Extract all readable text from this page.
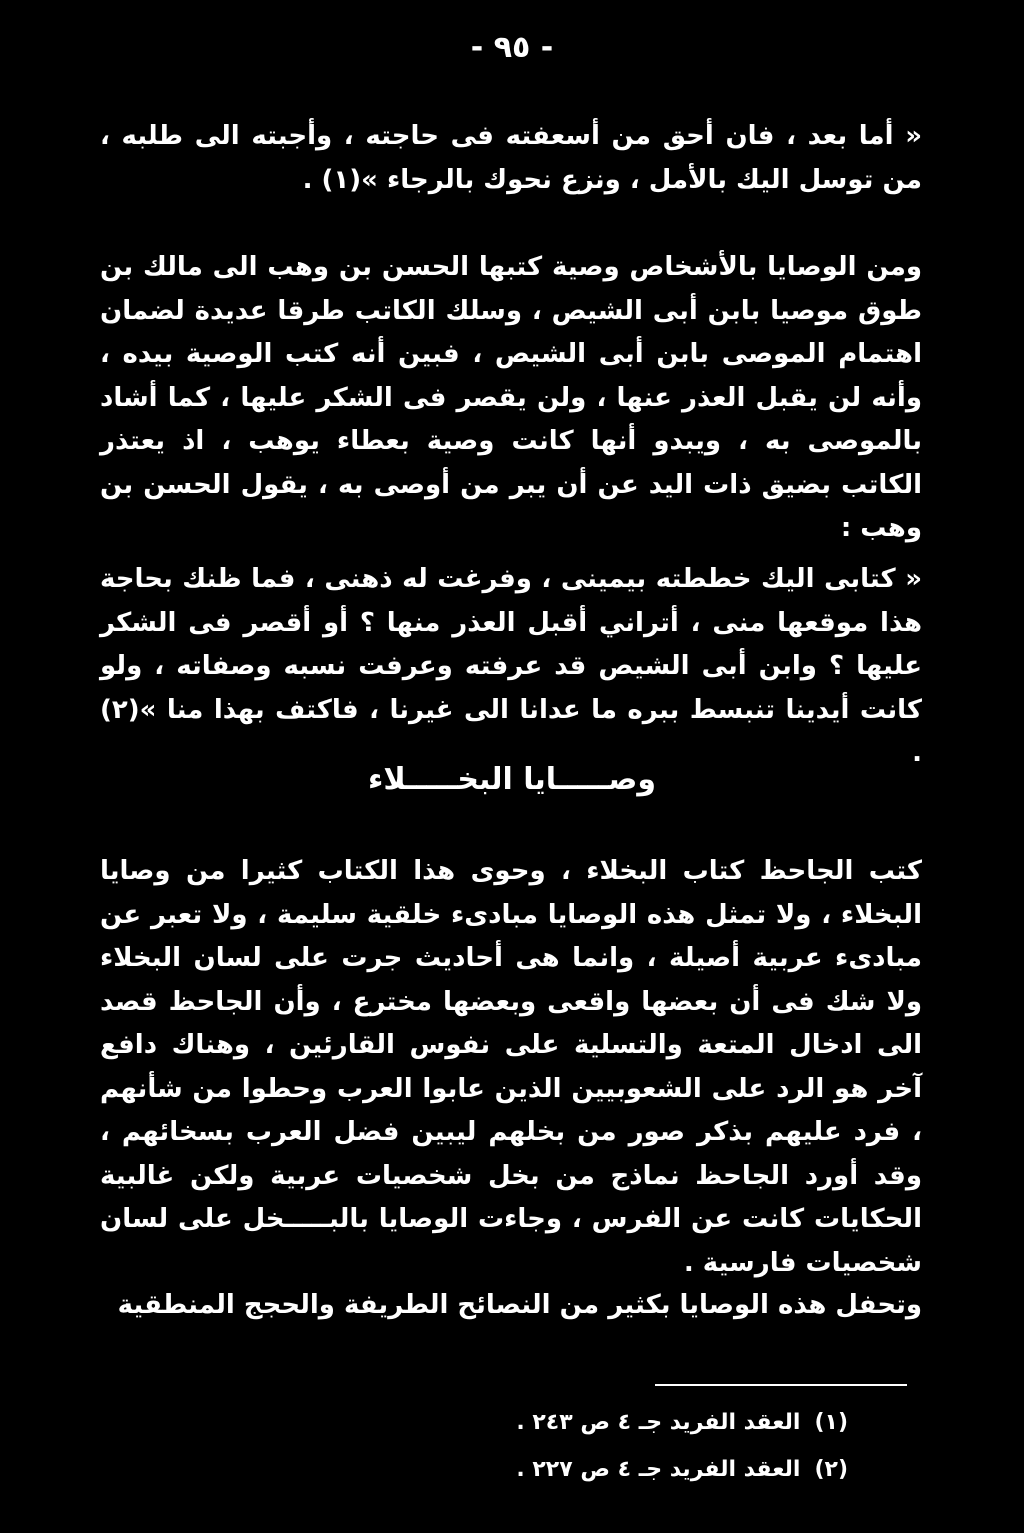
- ٩٥ -

« أما بعد ، فان أحق من أسعفته فى حاجته ، وأجبته الى طلبه ، من توسل اليك بالأمل ، ونزع نحوك بالرجاء »(١) .

ومن الوصايا بالأشخاص وصية كتبها الحسن بن وهب الى مالك بن طوق موصيا بابن أبى الشيص ، وسلك الكاتب طرقا عديدة لضمان اهتمام الموصى بابن أبى الشيص ، فبين أنه كتب الوصية بيده ، وأنه لن يقبل العذر عنها ، ولن يقصر فى الشكر عليها ، كما أشاد بالموصى به ، ويبدو أنها كانت وصية بعطاء يوهب ، اذ يعتذر الكاتب بضيق ذات اليد عن أن يبر من أوصى به ، يقول الحسن بن وهب :

« كتابى اليك خططته بيمينى ، وفرغت له ذهنى ، فما ظنك بحاجة هذا موقعها منى ، أتراني أقبل العذر منها ؟ أو أقصر فى الشكر عليها ؟ وابن أبى الشيص قد عرفته وعرفت نسبه وصفاته ، ولو كانت أيدينا تنبسط ببره ما عدانا الى غيرنا ، فاكتف بهذا منا »(٢) .

وصـــــايا البخـــــلاء

كتب الجاحظ كتاب البخلاء ، وحوى هذا الكتاب كثيرا من وصايا البخلاء ، ولا تمثل هذه الوصايا مبادىء خلقية سليمة ، ولا تعبر عن مبادىء عربية أصيلة ، وانما هى أحاديث جرت على لسان البخلاء ولا شك فى أن بعضها واقعى وبعضها مخترع ، وأن الجاحظ قصد الى ادخال المتعة والتسلية على نفوس القارئين ، وهناك دافع آخر هو الرد على الشعوبيين الذين عابوا العرب وحطوا من شأنهم ، فرد عليهم بذكر صور من بخلهم ليبين فضل العرب بسخائهم ، وقد أورد الجاحظ نماذج من بخل شخصيات عربية ولكن غالبية الحكايات كانت عن الفرس ، وجاءت الوصايا بالبـــــخل على لسان شخصيات فارسية .

وتحفل هذه الوصايا بكثير من النصائح الطريفة والحجج المنطقية

(١)العقد الفريد جـ ٤ ص ٢٤٣ .
(٢)العقد الفريد جـ ٤ ص ٢٢٧ .
